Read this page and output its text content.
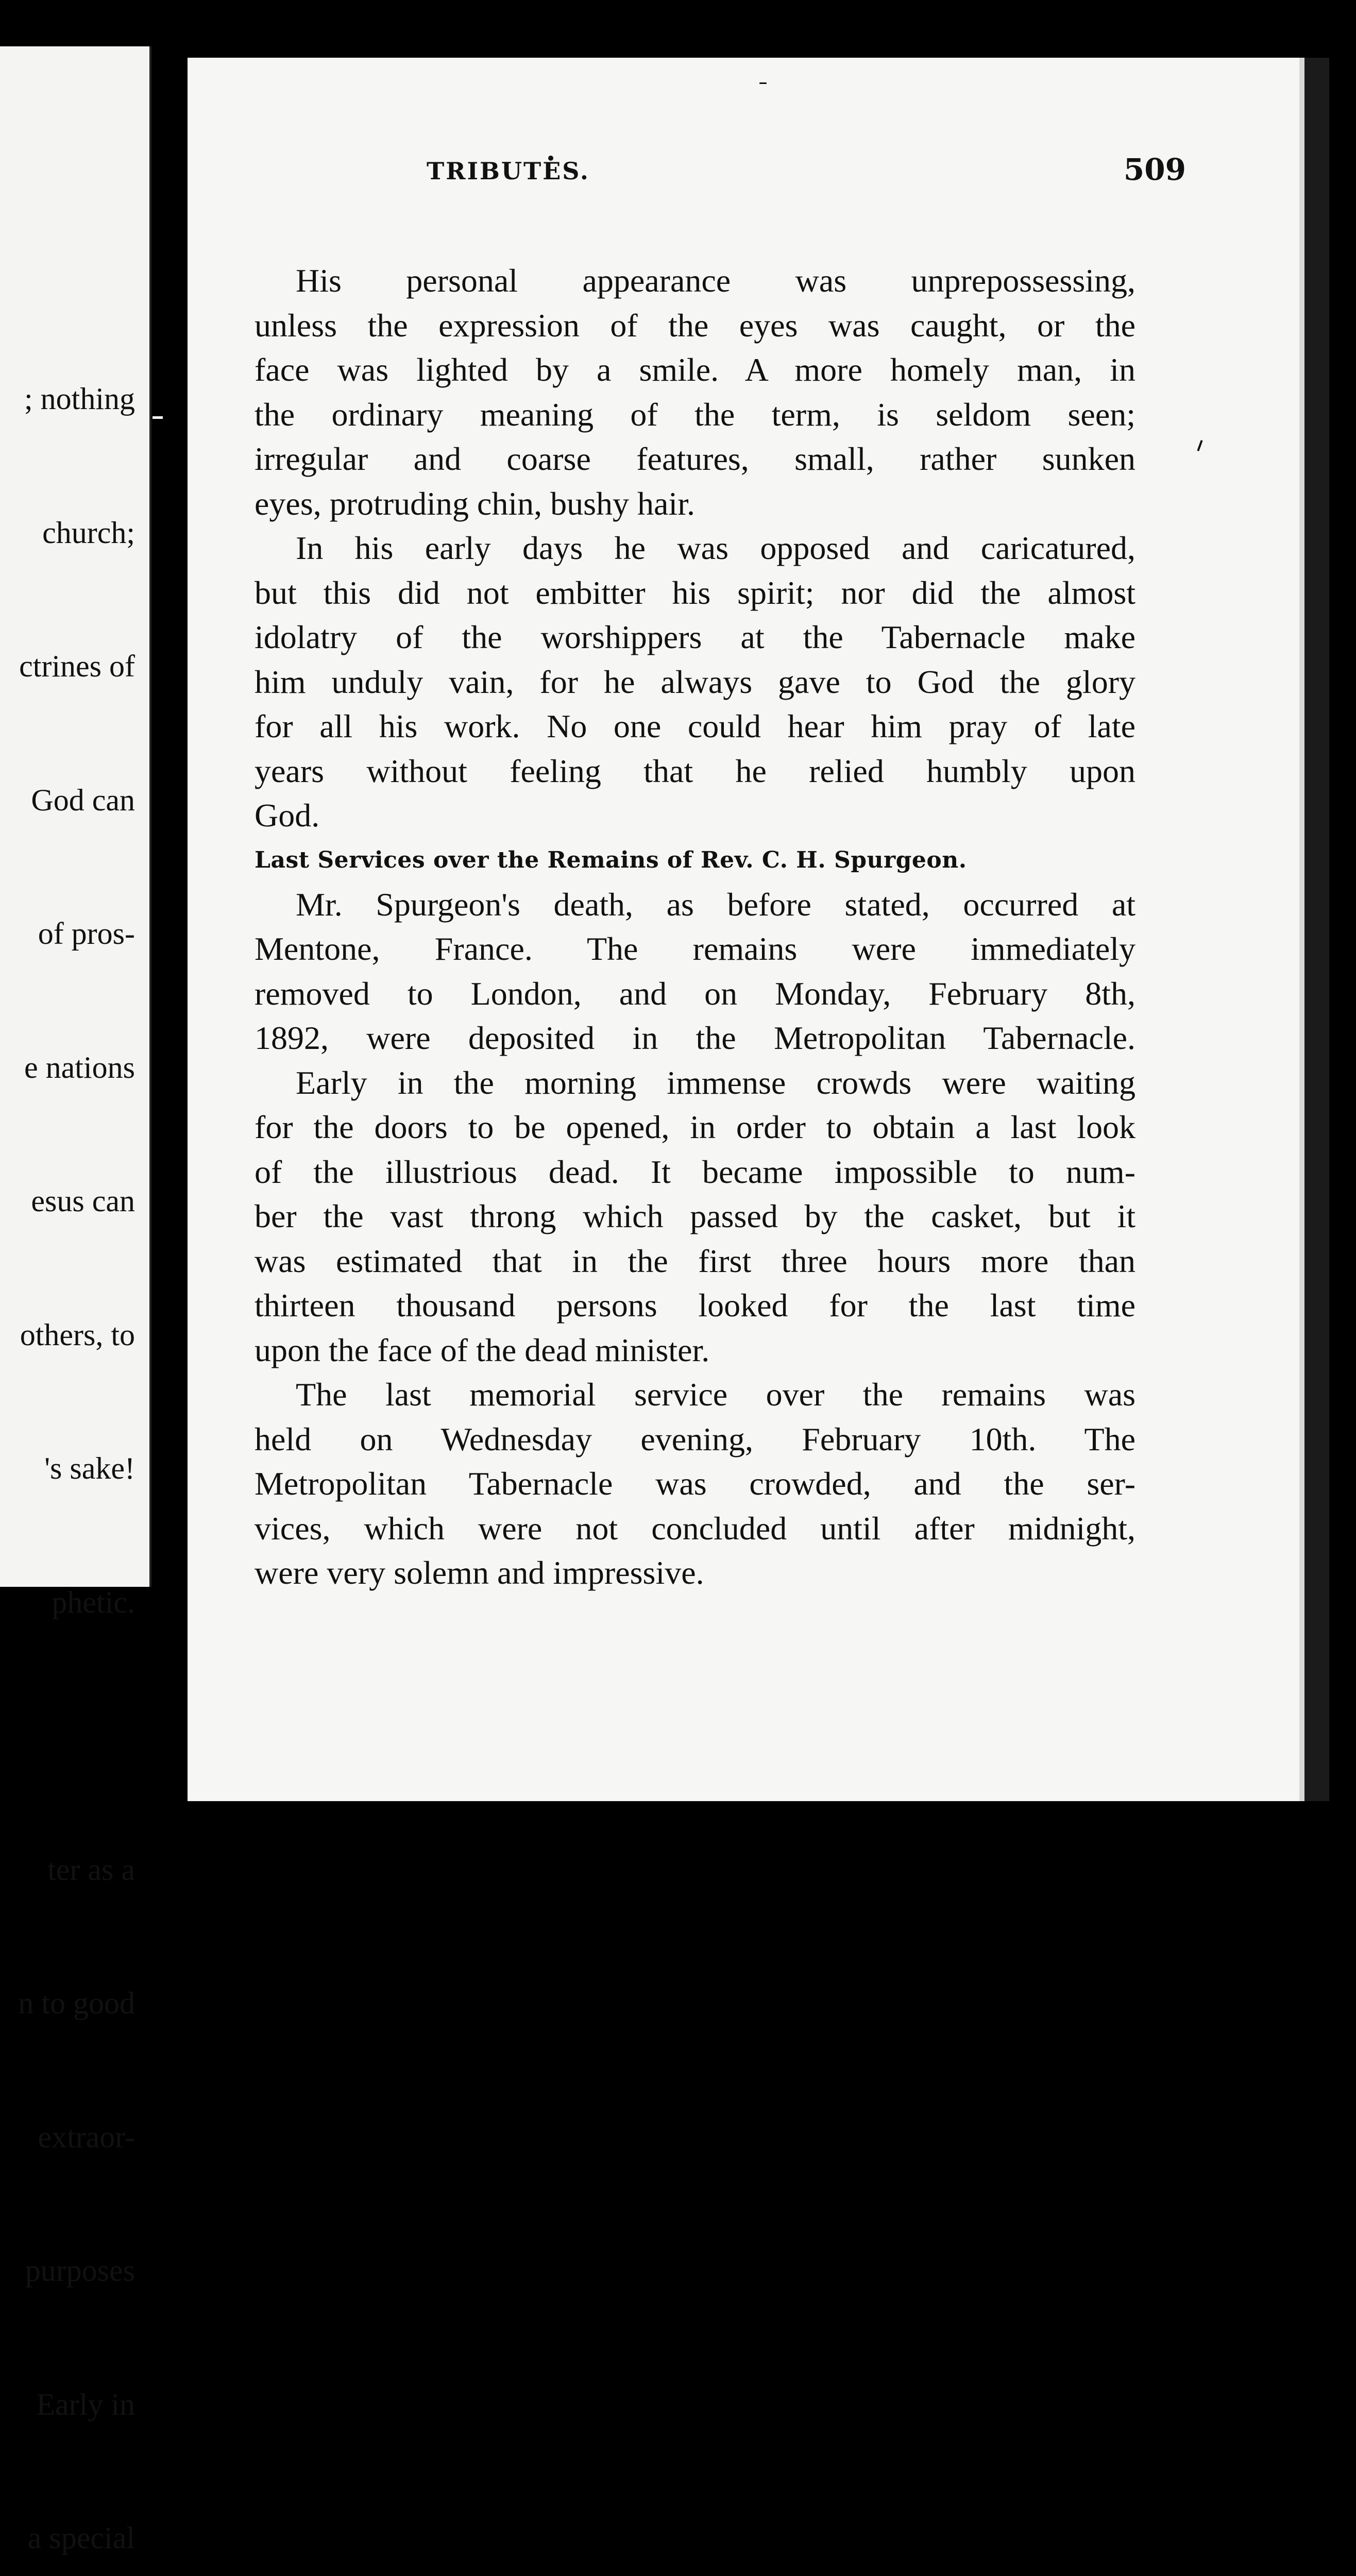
; nothing

church;

ctrines of

God can

of pros-

e nations

esus can

others, to

's sake!

phetic.

ter as a

n to good

extraor-

purposes

Early in

a special

His personal appearance was unprepossessing,
unless the expression of the eyes was caught, or the
face was lighted by a smile. A more homely man, in
the ordinary meaning of the term, is seldom seen;
irregular and coarse features, small, rather sunken
eyes, protruding chin, bushy hair.
In his early days he was opposed and caricatured,
but this did not embitter his spirit; nor did the almost
idolatry of the worshippers at the Tabernacle make
him unduly vain, for he always gave to God the glory
for all his work. No one could hear him pray of late
years without feeling that he relied humbly upon
God.
Last Services over the Remains of Rev. C. H. Spurgeon.
Mr. Spurgeon's death, as before stated, occurred at
Mentone, France. The remains were immediately
removed to London, and on Monday, February 8th,
1892, were deposited in the Metropolitan Tabernacle.
Early in the morning immense crowds were waiting
for the doors to be opened, in order to obtain a last look
of the illustrious dead. It became impossible to num-
ber the vast throng which passed by the casket, but it
was estimated that in the first three hours more than
thirteen thousand persons looked for the last time
upon the face of the dead minister.
The last memorial service over the remains was
held on Wednesday evening, February 10th. The
Metropolitan Tabernacle was crowded, and the ser-
vices, which were not concluded until after midnight,
were very solemn and impressive.
TRIBUTES.	509
